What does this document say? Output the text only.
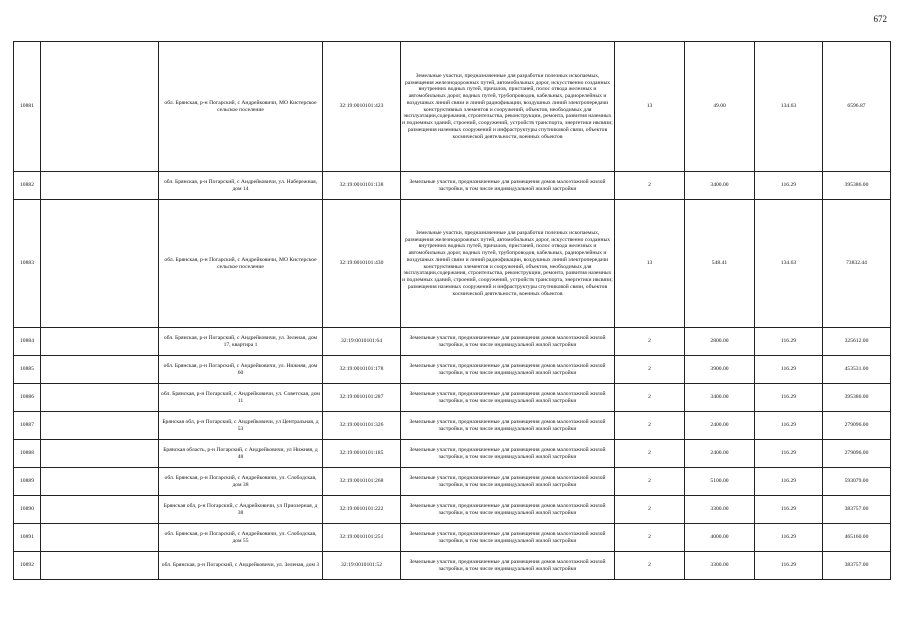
672
10881		обл. Брянская, р-н Погарский, с Андрейковичи, МО Кистерское сельское поселение	32:19:0010101:423	Земельные участки, предназначенные для разработки полезных ископаемых, размещения железнодорожных путей, автомобильных дорог, искусственно созданных внутренних водных путей, причалов, пристаней, полос отвода железных и автомобильных дорог, водных путей, трубопроводов, кабельных, радиорелейных и воздушных линий связи и линий радиофикации, воздушных линий электропередачи конструктивных элементов и сооружений, объектов, необходимых для эксплуатации,содержания, строительства, реконструкции, ремонта, развития наземных и подземных зданий, строений, сооружений, устройств транспорта, энергетики ивсвязи; размещения наземных сооружений и инфраструктуры спутниковой связи, объектов космической деятельности, военных объектов	13	49.00	134.63	6596.87
10882		обл. Брянская, р-н Погарский, с Андрейковичи, ул. Набережная, дом 14	32:19:0010101:138	Земельные участки, предназначенные для размещения домов малоэтажной жилой застройки, в том числе индивидуальной жилой застройки	2	3400.00	116.29	395386.00
10883		обл. Брянская, р-н Погарский, с Андрейковичи, МО Кистерское сельское поселение	32:19:0010101:430	Земельные участки, предназначенные для разработки полезных ископаемых, размещения железнодорожных путей, автомобильных дорог, искусственно созданных внутренних водных путей, причалов, пристаней, полос отвода железных и автомобильных дорог, водных путей, трубопроводов, кабельных, радиорелейных и воздушных линий связи и линий радиофикации, воздушных линий электропередачи конструктивных элементов и сооружений, объектов, необходимых для эксплуатации,содержания, строительства, реконструкции, ремонта, развития наземных и подземных зданий, строений, сооружений, устройств транспорта, энергетики ивсвязи; размещения наземных сооружений и инфраструктуры спутниковой связи, объектов космической деятельности, военных объектов	13	548.41	134.63	73832.44
10884		обл. Брянская, р-н Погарский, с Андрейковичи, ул. Зеленая, дом 17, квартира 1	32:19:0010101:64	Земельные участки, предназначенные для размещения домов малоэтажной жилой застройки, в том числе индивидуальной жилой застройки	2	2800.00	116.29	325612.00
10885		обл. Брянская, р-н Погарский, с Андрейковичи, ул. Нижняя, дом 60	32:19:0010101:178	Земельные участки, предназначенные для размещения домов малоэтажной жилой застройки, в том числе индивидуальной жилой застройки	2	3900.00	116.29	453531.00
10886		обл. Брянская, р-н Погарский, с Андрейковичи, ул. Советская, дом 11	32:19:0010101:287	Земельные участки, предназначенные для размещения домов малоэтажной жилой застройки, в том числе индивидуальной жилой застройки	2	3400.00	116.29	395386.00
10887		Брянская обл, р-н Погарский, с Андрейковичи, ул Центральная, д 53	32:19:0010101:326	Земельные участки, предназначенные для размещения домов малоэтажной жилой застройки, в том числе индивидуальной жилой застройки	2	2400.00	116.29	279096.00
10888		Брянская область, р-н Погарский, с Андрейковичи, ул Нижняя, д 48	32:19:0010101:185	Земельные участки, предназначенные для размещения домов малоэтажной жилой застройки, в том числе индивидуальной жилой застройки	2	2400.00	116.29	279096.00
10889		обл. Брянская, р-н Погарский, с Андрейковичи, ул. Слободская, дом 38	32:19:0010101:268	Земельные участки, предназначенные для размещения домов малоэтажной жилой застройки, в том числе индивидуальной жилой застройки	2	5100.00	116.29	593079.00
10890		Брянская обл, р-н Погарский, с Андрейковичи, ул Приозерная, д 38	32:19:0010101:222	Земельные участки, предназначенные для размещения домов малоэтажной жилой застройки, в том числе индивидуальной жилой застройки	2	3300.00	116.29	383757.00
10891		обл. Брянская, р-н Погарский, с Андрейковичи, ул. Слободская, дом 55	32:19:0010101:251	Земельные участки, предназначенные для размещения домов малоэтажной жилой застройки, в том числе индивидуальной жилой застройки	2	4000.00	116.29	465160.00
10892		обл. Брянская, р-н Погарский, с Андрейковичи, ул. Зеленая, дом 3	32:19:0010101:52	Земельные участки, предназначенные для размещения домов малоэтажной жилой застройки, в том числе индивидуальной жилой застройки	2	3300.00	116.29	383757.00
